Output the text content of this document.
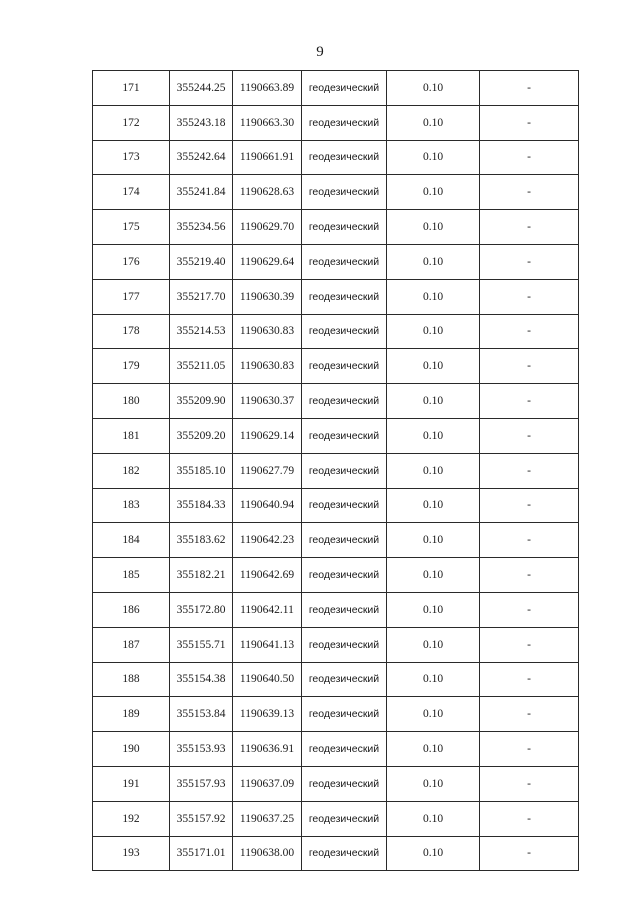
9
171	355244.25	1190663.89	геодезический	0.10	-
172	355243.18	1190663.30	геодезический	0.10	-
173	355242.64	1190661.91	геодезический	0.10	-
174	355241.84	1190628.63	геодезический	0.10	-
175	355234.56	1190629.70	геодезический	0.10	-
176	355219.40	1190629.64	геодезический	0.10	-
177	355217.70	1190630.39	геодезический	0.10	-
178	355214.53	1190630.83	геодезический	0.10	-
179	355211.05	1190630.83	геодезический	0.10	-
180	355209.90	1190630.37	геодезический	0.10	-
181	355209.20	1190629.14	геодезический	0.10	-
182	355185.10	1190627.79	геодезический	0.10	-
183	355184.33	1190640.94	геодезический	0.10	-
184	355183.62	1190642.23	геодезический	0.10	-
185	355182.21	1190642.69	геодезический	0.10	-
186	355172.80	1190642.11	геодезический	0.10	-
187	355155.71	1190641.13	геодезический	0.10	-
188	355154.38	1190640.50	геодезический	0.10	-
189	355153.84	1190639.13	геодезический	0.10	-
190	355153.93	1190636.91	геодезический	0.10	-
191	355157.93	1190637.09	геодезический	0.10	-
192	355157.92	1190637.25	геодезический	0.10	-
193	355171.01	1190638.00	геодезический	0.10	-
